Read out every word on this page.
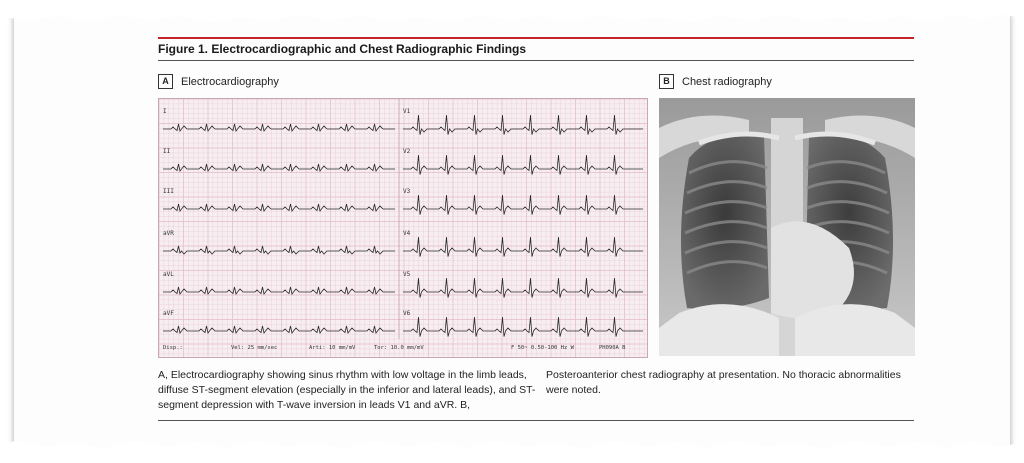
Figure 1. Electrocardiographic and Chest Radiographic Findings
A	Electrocardiography	B	Chest radiography
I	V1
II	V2
III	V3
aVR	V4
aVL	V5
aVF	V6
Disp.:	Vel: 25 mm/sec	Arti: 10 mm/mV	Tor: 10.0 mm/mV	F 50~ 0.50-100 Hz W	PH090A B
A, Electrocardiography showing sinus rhythm with low voltage in the limb leads, diffuse ST-segment elevation (especially in the inferior and lateral leads), and ST-segment depression with T-wave inversion in leads V1 and aVR. B,
Posteroanterior chest radiography at presentation. No thoracic abnormalities were noted.
